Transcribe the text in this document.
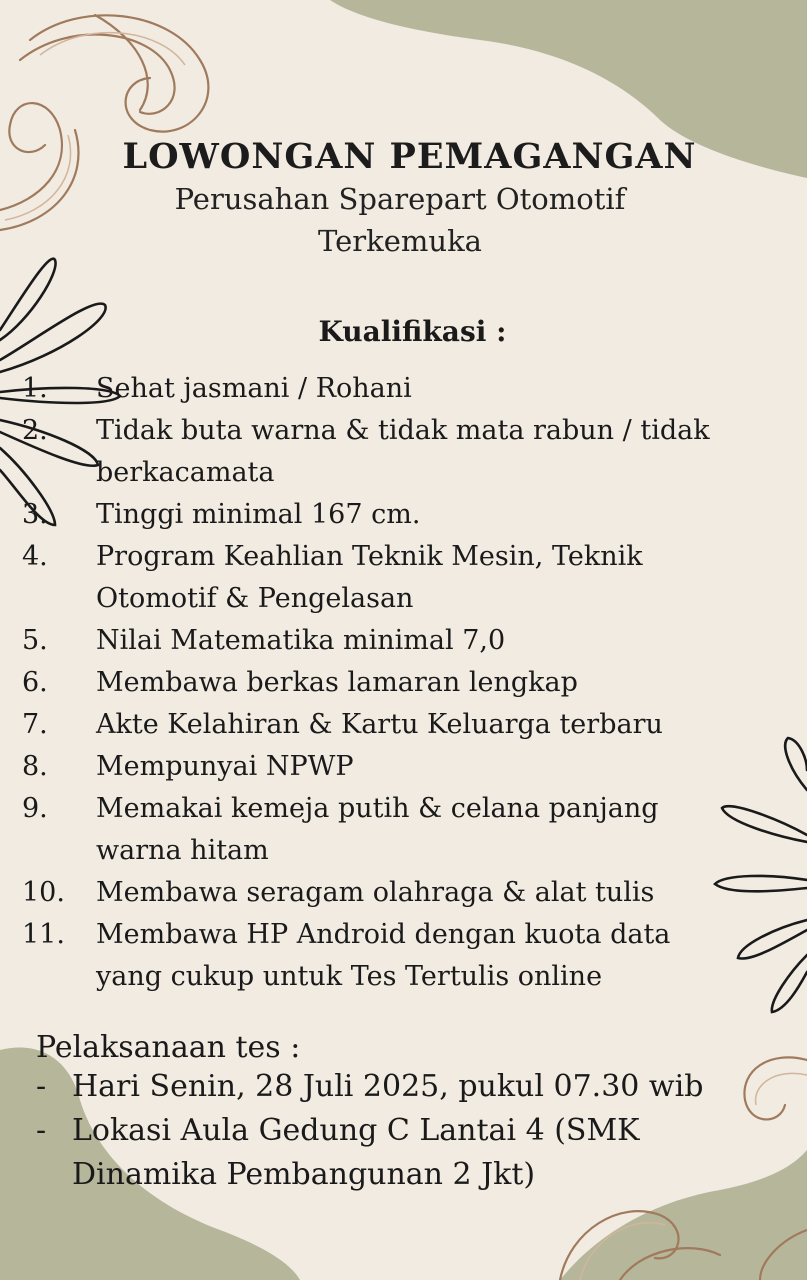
LOWONGAN PEMAGANGAN
Perusahan Sparepart Otomotif Terkemuka
Kualifikasi :
1.	Sehat jasmani / Rohani
2.	Tidak buta warna & tidak mata rabun / tidak berkacamata
3.	Tinggi minimal 167 cm.
4.	Program Keahlian Teknik Mesin, Teknik Otomotif & Pengelasan
5.	Nilai Matematika minimal 7,0
6.	Membawa berkas lamaran lengkap
7.	Akte Kelahiran & Kartu Keluarga terbaru
8.	Mempunyai NPWP
9.	Memakai kemeja putih & celana panjang warna hitam
10.	Membawa seragam olahraga & alat tulis
11.	Membawa HP Android dengan kuota data yang cukup untuk Tes Tertulis online
Pelaksanaan tes :
- Hari Senin, 28 Juli 2025, pukul 07.30 wib
- Lokasi Aula Gedung C Lantai 4 (SMK Dinamika Pembangunan 2 Jkt)
